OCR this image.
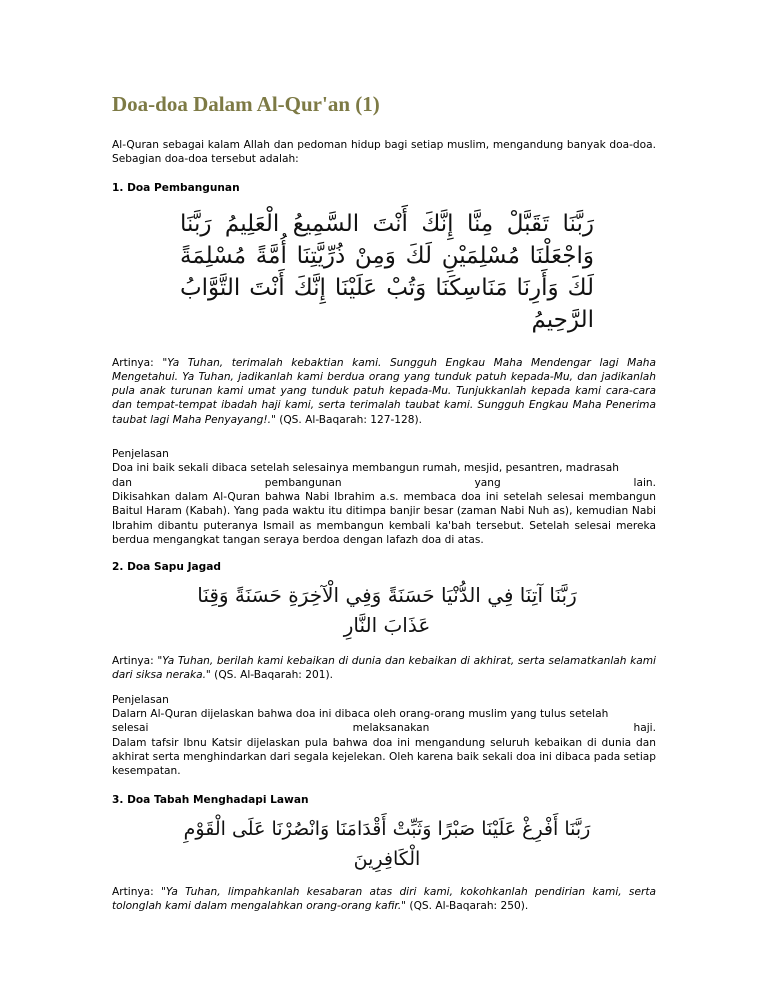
Doa-doa Dalam Al-Qur'an (1)
Al-Quran sebagai kalam Allah dan pedoman hidup bagi setiap muslim, mengandung banyak doa-doa. Sebagian doa-doa tersebut adalah:
1. Doa Pembangunan
رَبَّنَا تَقَبَّلْ مِنَّا إِنَّكَ أَنْتَ السَّمِيعُ الْعَلِيمُ رَبَّنَا وَاجْعَلْنَا مُسْلِمَيْنِ لَكَ وَمِنْ ذُرِّيَّتِنَا أُمَّةً مُسْلِمَةً لَكَ وَأَرِنَا مَنَاسِكَنَا وَتُبْ عَلَيْنَا إِنَّكَ أَنْتَ التَّوَّابُ الرَّحِيمُ
Artinya: "Ya Tuhan, terimalah kebaktian kami. Sungguh Engkau Maha Mendengar lagi Maha Mengetahui. Ya Tuhan, jadikanlah kami berdua orang yang tunduk patuh kepada-Mu, dan jadikanlah pula anak turunan kami umat yang tunduk patuh kepada-Mu. Tunjukkanlah kepada kami cara-cara dan tempat-tempat ibadah haji kami, serta terimalah taubat kami. Sungguh Engkau Maha Penerima taubat lagi Maha Penyayang!." (QS. Al-Baqarah: 127-128).
Penjelasan
Doa ini baik sekali dibaca setelah selesainya membangun rumah, mesjid, pesantren, madrasah
dan pembangunan yang lain.
Dikisahkan dalam Al-Quran bahwa Nabi Ibrahim a.s. membaca doa ini setelah selesai membangun Baitul Haram (Kabah). Yang pada waktu itu ditimpa banjir besar (zaman Nabi Nuh as), kemudian Nabi Ibrahim dibantu puteranya Ismail as membangun kembali ka'bah tersebut. Setelah selesai mereka berdua mengangkat tangan seraya berdoa dengan lafazh doa di atas.
2. Doa Sapu Jagad
رَبَّنَا آتِنَا فِي الدُّنْيَا حَسَنَةً وَفِي الْآخِرَةِ حَسَنَةً وَقِنَا عَذَابَ النَّارِ
Artinya: "Ya Tuhan, berilah kami kebaikan di dunia dan kebaikan di akhirat, serta selamatkanlah kami dari siksa neraka." (QS. Al-Baqarah: 201).
Penjelasan
Dalarn Al-Quran dijelaskan bahwa doa ini dibaca oleh orang-orang muslim yang tulus setelah
selesai melaksanakan haji.
Dalam tafsir Ibnu Katsir dijelaskan pula bahwa doa ini mengandung seluruh kebaikan di dunia dan akhirat serta menghindarkan dari segala kejelekan. Oleh karena baik sekali doa ini dibaca pada setiap kesempatan.
3. Doa Tabah Menghadapi Lawan
رَبَّنَا أَفْرِغْ عَلَيْنَا صَبْرًا وَثَبِّتْ أَقْدَامَنَا وَانْصُرْنَا عَلَى الْقَوْمِ الْكَافِرِينَ
Artinya: "Ya Tuhan, limpahkanlah kesabaran atas diri kami, kokohkanlah pendirian kami, serta tolonglah kami dalam mengalahkan orang-orang kafir." (QS. Al-Baqarah: 250).
